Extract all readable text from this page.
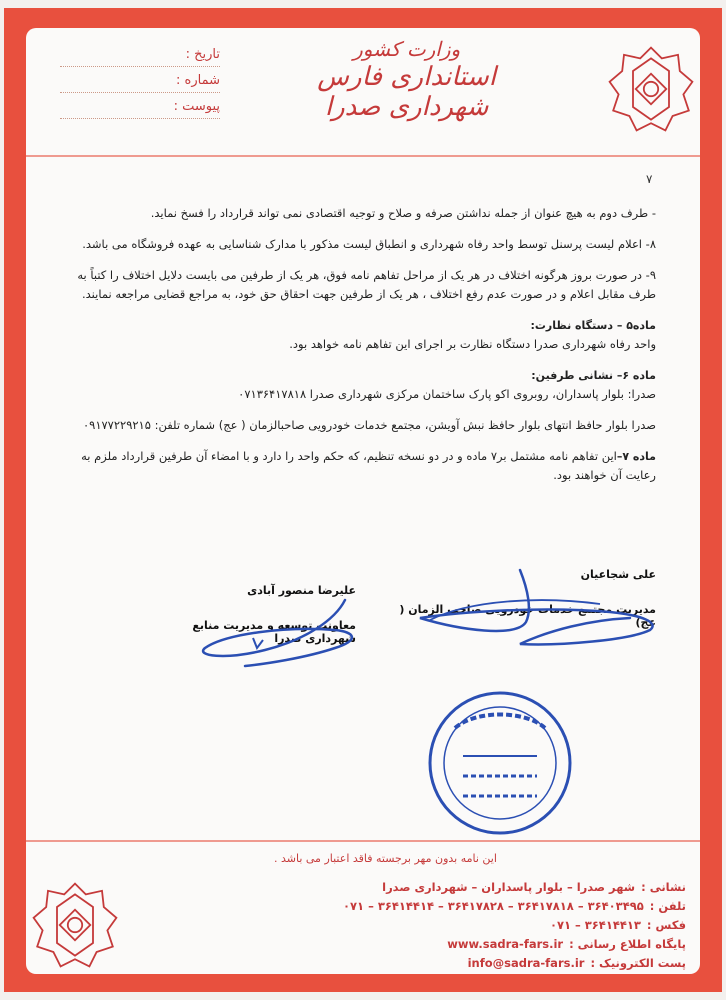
وزارت کشور
استانداری فارس
شهرداری صدرا
تاریخ :
شماره :
پیوست :
۷

- طرف دوم به هیچ عنوان از جمله نداشتن صرفه و صلاح و توجیه اقتصادی نمی تواند قرارداد را فسخ نماید.

۸- اعلام لیست پرسنل توسط واحد رفاه شهرداری و انطباق لیست مذکور با مدارک شناسایی به عهده فروشگاه می باشد.

۹- در صورت بروز هرگونه اختلاف در هر یک از مراحل تفاهم نامه فوق، هر یک از طرفین می بایست دلایل اختلاف را کتباً به طرف مقابل اعلام و در صورت عدم رفع اختلاف ، هر یک از طرفین جهت احقاق حق خود، به مراجع قضایی مراجعه نمایند.

ماده۵ – دستگاه نظارت:

واحد رفاه شهرداری صدرا دستگاه نظارت بر اجرای این تفاهم نامه خواهد بود.

ماده ۶– نشانی طرفین:

صدرا: بلوار پاسداران، روبروی اکو پارک ساختمان مرکزی شهرداری صدرا ۰۷۱۳۶۴۱۷۸۱۸

صدرا بلوار حافظ انتهای بلوار حافظ نبش آویشن، مجتمع خدمات خودرویی صاحبالزمان ( عج) شماره تلفن: ۰۹۱۷۷۲۲۹۲۱۵

ماده ۷–این تفاهم نامه مشتمل بر۷ ماده و در دو نسخه تنظیم، که حکم واحد را دارد و با امضاء آن طرفین قرارداد ملزم به رعایت آن خواهند بود.

علی شجاعیان
مدیریت مجتمع خدمات خودرویی صاحب الزمان ( عج)
علیرضا منصور آبادی
معاونت توسعه و مدیریت منابع شهرداری صدرا
این نامه بدون مهر برجسته فاقد اعتبار می باشد .
نشانی :شهر صدرا – بلوار پاسداران – شهرداری صدرا
تلفن :۳۶۴۰۳۴۹۵ – ۳۶۴۱۷۸۱۸ – ۳۶۴۱۷۸۲۸ – ۳۶۴۱۴۴۱۴ – ۰۷۱
فکس :۳۶۴۱۴۴۱۳ – ۰۷۱
پایگاه اطلاع رسانی :www.sadra-fars.ir
پست الکترونیک :info@sadra-fars.ir
